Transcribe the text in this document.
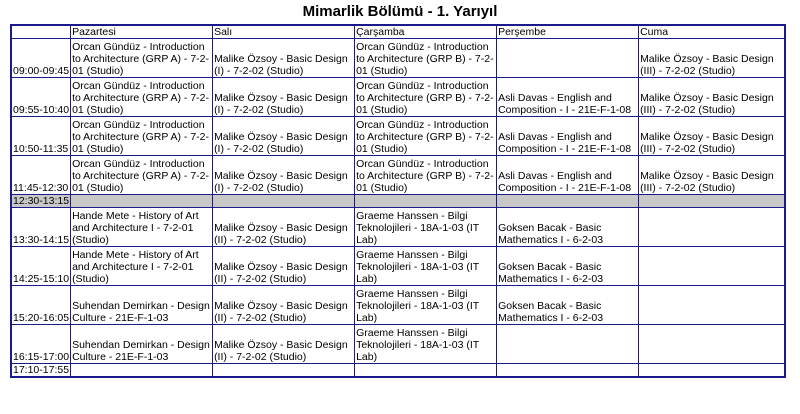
Mimarlik Bölümü - 1. Yarıyıl
	Pazartesi	Salı	Çarşamba	Perşembe	Cuma
09:00-09:45	Orcan Gündüz - Introduction to Architecture (GRP A) - 7-2-01 (Studio)	Malike Özsoy - Basic Design (I) - 7-2-02 (Studio)	Orcan Gündüz - Introduction to Architecture (GRP B) - 7-2-01 (Studio)		Malike Özsoy - Basic Design (III) - 7-2-02 (Studio)
09:55-10:40	Orcan Gündüz - Introduction to Architecture (GRP A) - 7-2-01 (Studio)	Malike Özsoy - Basic Design (I) - 7-2-02 (Studio)	Orcan Gündüz - Introduction to Architecture (GRP B) - 7-2-01 (Studio)	Asli Davas - English and Composition - I - 21E-F-1-08	Malike Özsoy - Basic Design (III) - 7-2-02 (Studio)
10:50-11:35	Orcan Gündüz - Introduction to Architecture (GRP A) - 7-2-01 (Studio)	Malike Özsoy - Basic Design (I) - 7-2-02 (Studio)	Orcan Gündüz - Introduction to Architecture (GRP B) - 7-2-01 (Studio)	Asli Davas - English and Composition - I - 21E-F-1-08	Malike Özsoy - Basic Design (III) - 7-2-02 (Studio)
11:45-12:30	Orcan Gündüz - Introduction to Architecture (GRP A) - 7-2-01 (Studio)	Malike Özsoy - Basic Design (I) - 7-2-02 (Studio)	Orcan Gündüz - Introduction to Architecture (GRP B) - 7-2-01 (Studio)	Asli Davas - English and Composition - I - 21E-F-1-08	Malike Özsoy - Basic Design (III) - 7-2-02 (Studio)
12:30-13:15					
13:30-14:15	Hande Mete - History of Art and Architecture I - 7-2-01 (Studio)	Malike Özsoy - Basic Design (II) - 7-2-02 (Studio)	Graeme Hanssen - Bilgi Teknolojileri - 18A-1-03 (IT Lab)	Goksen Bacak - Basic Mathematics I - 6-2-03	
14:25-15:10	Hande Mete - History of Art and Architecture I - 7-2-01 (Studio)	Malike Özsoy - Basic Design (II) - 7-2-02 (Studio)	Graeme Hanssen - Bilgi Teknolojileri - 18A-1-03 (IT Lab)	Goksen Bacak - Basic Mathematics I - 6-2-03	
15:20-16:05	Suhendan Demirkan - Design Culture - 21E-F-1-03	Malike Özsoy - Basic Design (II) - 7-2-02 (Studio)	Graeme Hanssen - Bilgi Teknolojileri - 18A-1-03 (IT Lab)	Goksen Bacak - Basic Mathematics I - 6-2-03	
16:15-17:00	Suhendan Demirkan - Design Culture - 21E-F-1-03	Malike Özsoy - Basic Design (II) - 7-2-02 (Studio)	Graeme Hanssen - Bilgi Teknolojileri - 18A-1-03 (IT Lab)		
17:10-17:55					
